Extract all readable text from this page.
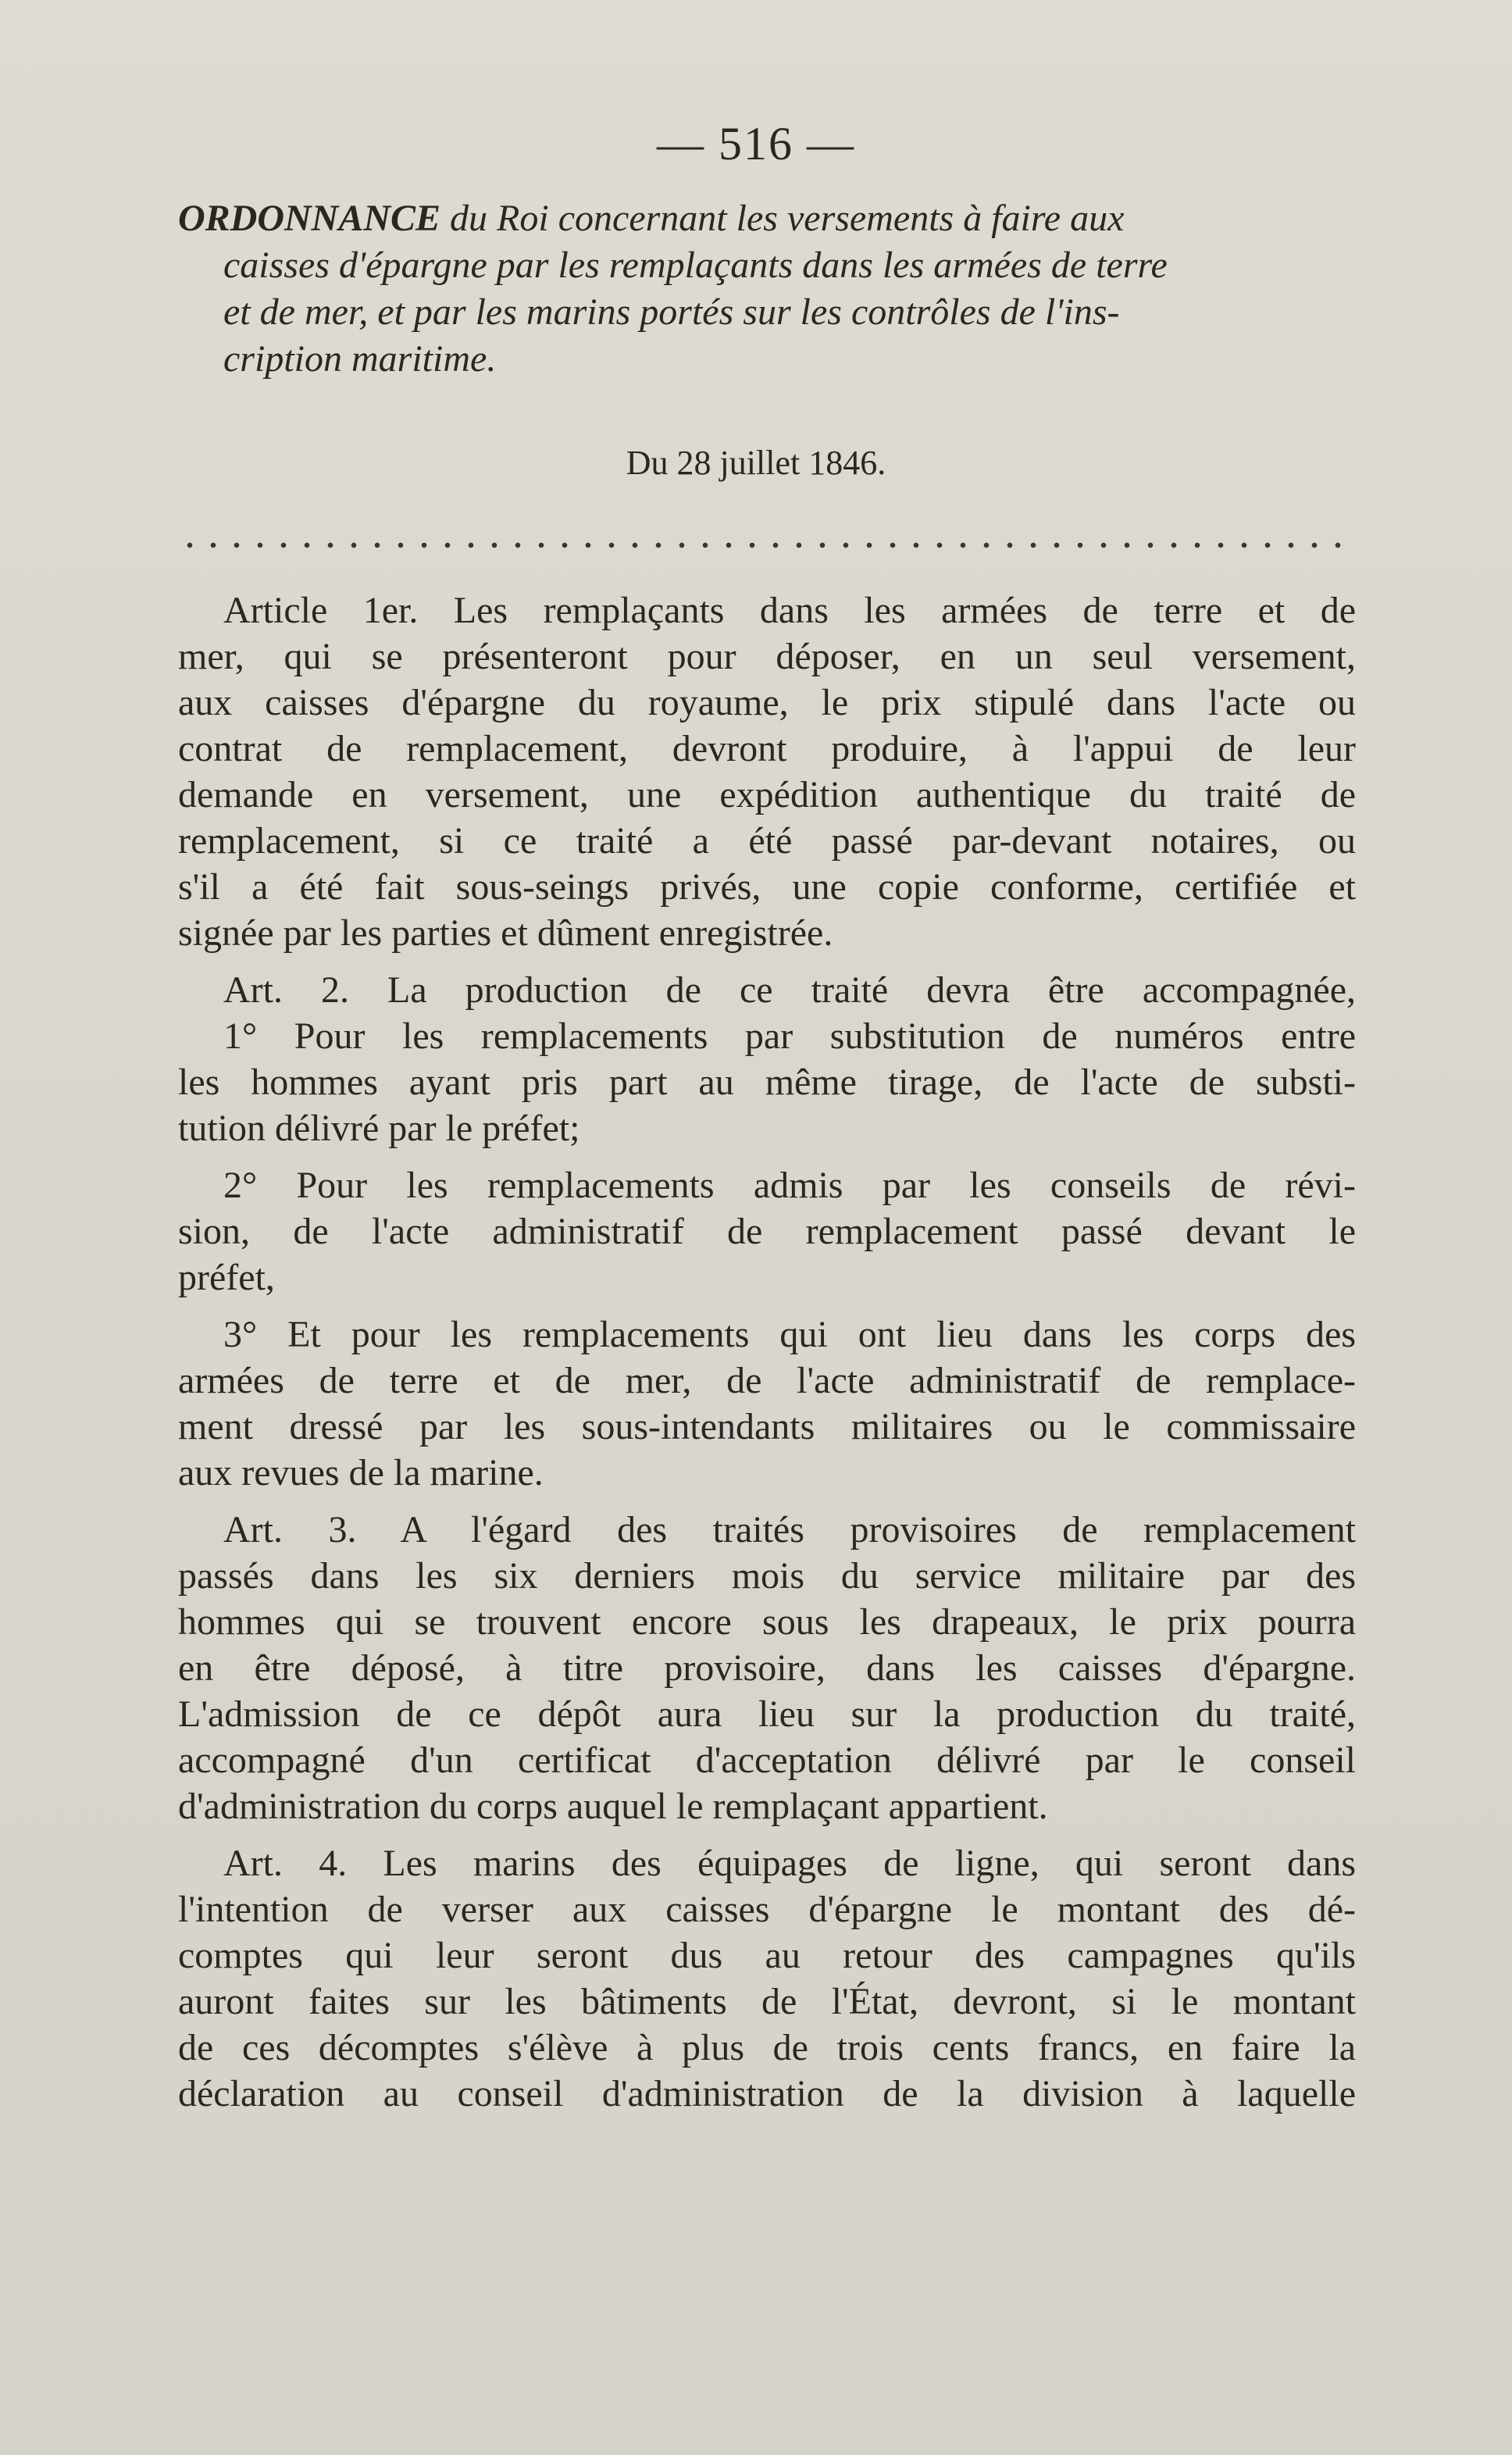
— 516 —
ORDONNANCE du Roi concernant les versements à faire aux
caisses d'épargne par les remplaçants dans les armées de terre
et de mer, et par les marins portés sur les contrôles de l'ins-
cription maritime.
Du 28 juillet 1846.
Article 1er. Les remplaçants dans les armées de terre et de
mer, qui se présenteront pour déposer, en un seul versement,
aux caisses d'épargne du royaume, le prix stipulé dans l'acte ou
contrat de remplacement, devront produire, à l'appui de leur
demande en versement, une expédition authentique du traité de
remplacement, si ce traité a été passé par-devant notaires, ou
s'il a été fait sous-seings privés, une copie conforme, certifiée et
signée par les parties et dûment enregistrée.
Art. 2. La production de ce traité devra être accompagnée,
1° Pour les remplacements par substitution de numéros entre
les hommes ayant pris part au même tirage, de l'acte de substi-
tution délivré par le préfet;
2° Pour les remplacements admis par les conseils de révi-
sion, de l'acte administratif de remplacement passé devant le
préfet,
3° Et pour les remplacements qui ont lieu dans les corps des
armées de terre et de mer, de l'acte administratif de remplace-
ment dressé par les sous-intendants militaires ou le commissaire
aux revues de la marine.
Art. 3. A l'égard des traités provisoires de remplacement
passés dans les six derniers mois du service militaire par des
hommes qui se trouvent encore sous les drapeaux, le prix pourra
en être déposé, à titre provisoire, dans les caisses d'épargne.
L'admission de ce dépôt aura lieu sur la production du traité,
accompagné d'un certificat d'acceptation délivré par le conseil
d'administration du corps auquel le remplaçant appartient.
Art. 4. Les marins des équipages de ligne, qui seront dans
l'intention de verser aux caisses d'épargne le montant des dé-
comptes qui leur seront dus au retour des campagnes qu'ils
auront faites sur les bâtiments de l'État, devront, si le montant
de ces décomptes s'élève à plus de trois cents francs, en faire la
déclaration au conseil d'administration de la division à laquelle
